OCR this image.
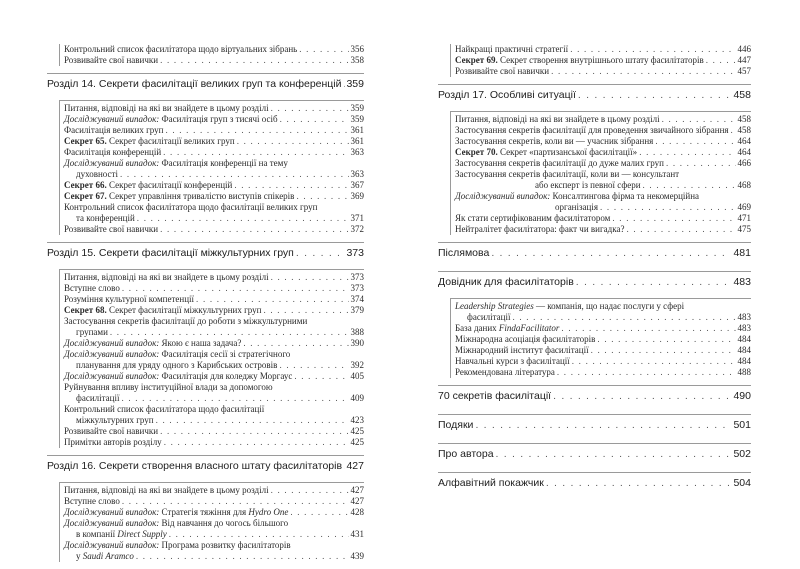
Контрольний список фасилітатора щодо віртуальних зібрань . . .	356
Розвивайте свої навички . . .	358
Розділ 14. Секрети фасилітації великих груп та конференцій . . . 359
Питання, відповіді на які ви знайдете в цьому розділі . . .	359
Досліджуваний випадок: Фасилітація груп з тисячі осіб . . .	359
Фасилітація великих груп . . .	361
Секрет 65. Секрет фасилітації великих груп . . .	361
Фасилітація конференцій . . .	363
Досліджуваний випадок: Фасилітація конференції на тему
духовності . . .	363
Секрет 66. Секрет фасилітації конференцій . . .	367
Секрет 67. Секрет управління тривалістю виступів спікерів . . .	369
Контрольний список фасилітатора щодо фасилітації великих груп
та конференцій . . .	371
Розвивайте свої навички . . .	372
Розділ 15. Секрети фасилітації міжкультурних груп . . .	373
Питання, відповіді на які ви знайдете в цьому розділі . . .	373
Вступне слово . . .	373
Розуміння культурної компетенції . . .	374
Секрет 68. Секрет фасилітації міжкультурних груп . . .	379
Застосування секретів фасилітації до роботи з міжкультурними
групами . . .	388
Досліджуваний випадок: Якою є наша задача? . . .	390
Досліджуваний випадок: Фасилітація сесії зі стратегічного
планування для уряду одного з Карибських островів . . .	392
Досліджуваний випадок: Фасилітація для коледжу Моргаус . . .	405
Руйнування впливу інституційної влади за допомогою
фасилітації . . .	409
Контрольний список фасилітатора щодо фасилітації
міжкультурних груп . . .	423
Розвивайте свої навички . . .	425
Примітки авторів розділу . . .	425
Розділ 16. Секрети створення власного штату фасилітаторів . . . 427
Питання, відповіді на які ви знайдете в цьому розділі . . .	427
Вступне слово . . .	427
Досліджуваний випадок: Стратегія тяжіння для Hydro One . . .	428
Досліджуваний випадок: Від навчання до чогось більшого
в компанії Direct Supply . . .	431
Досліджуваний випадок: Програма розвитку фасилітаторів
у Saudi Aramco . . .	439
Найкращі практичні стратегії . . .	446
Секрет 69. Секрет створення внутрішнього штату фасилітаторів . . .	447
Розвивайте свої навички . . .	457
Розділ 17. Особливі ситуації . . .	458
Питання, відповіді на які ви знайдете в цьому розділі . . .	458
Застосування секретів фасилітації для проведення звичайного зібрання . . . 458
Застосування секретів, коли ви — учасник зібрання . . .	464
Секрет 70. Секрет «партизанської фасилітації» . . .	464
Застосування секретів фасилітації до дуже малих груп . . .	466
Застосування секретів фасилітації, коли ви — консультант
або експерт із певної сфери . . .	468
Досліджуваний випадок: Консалтингова фірма та некомерційна
організація . . .	469
Як стати сертифікованим фасилітатором . . .	471
Нейтралітет фасилітатора: факт чи вигадка? . . .	475
Післямова . . .	481
Довідник для фасилітаторів . . .	483
Leadership Strategies — компанія, що надає послуги у сфері
фасилітації . . .	483
База даних FindaFacilitator . . .	483
Міжнародна асоціація фасилітаторів . . .	484
Міжнародний інститут фасилітації . . .	484
Навчальні курси з фасилітації . . .	484
Рекомендована література . . .	488
70 секретів фасилітації . . .	490
Подяки . . .	501
Про автора . . .	502
Алфавітний покажчик . . .	504
